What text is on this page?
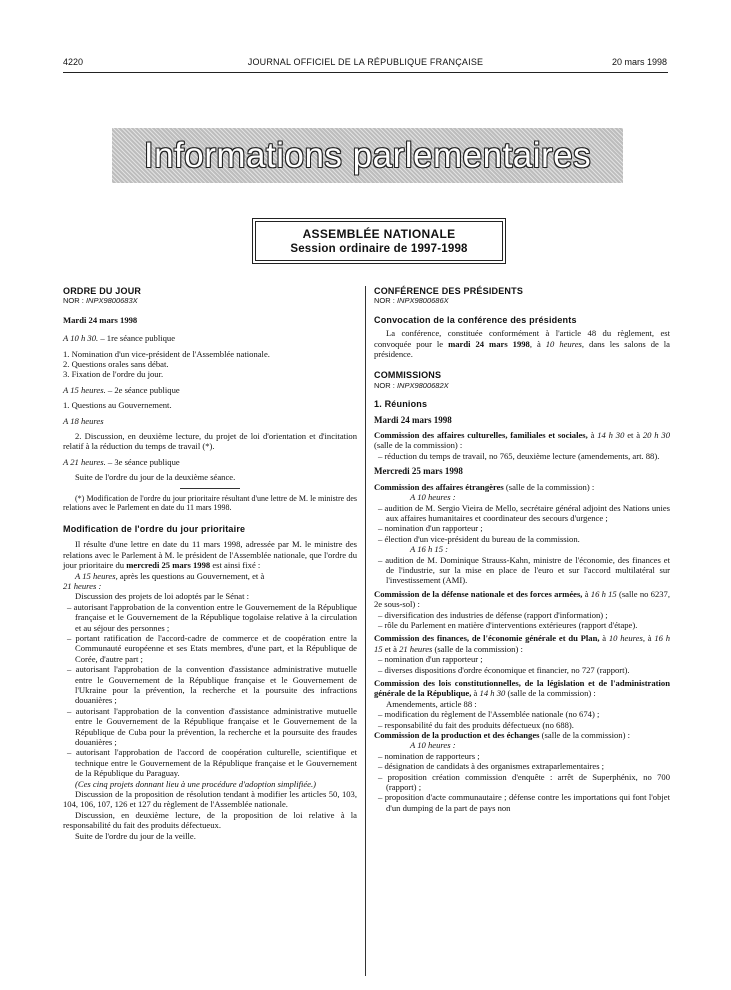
4220	JOURNAL OFFICIEL DE LA RÉPUBLIQUE FRANÇAISE	20 mars 1998
Informations parlementaires
ASSEMBLÉE NATIONALE
Session ordinaire de 1997-1998

ORDRE DU JOUR

NOR : INPX9800683X

Mardi 24 mars 1998

A 10 h 30. – 1re séance publique

1. Nomination d'un vice-président de l'Assemblée nationale.

2. Questions orales sans débat.

3. Fixation de l'ordre du jour.

A 15 heures. – 2e séance publique

1. Questions au Gouvernement.

A 18 heures

2. Discussion, en deuxième lecture, du projet de loi d'orientation et d'incitation relatif à la réduction du temps de travail (*).

A 21 heures. – 3e séance publique

Suite de l'ordre du jour de la deuxième séance.

(*) Modification de l'ordre du jour prioritaire résultant d'une lettre de M. le ministre des relations avec le Parlement en date du 11 mars 1998.

Modification de l'ordre du jour prioritaire

Il résulte d'une lettre en date du 11 mars 1998, adressée par M. le ministre des relations avec le Parlement à M. le président de l'Assemblée nationale, que l'ordre du jour prioritaire du mercredi 25 mars 1998 est ainsi fixé :

A 15 heures, après les questions au Gouvernement, et à

21 heures :

Discussion des projets de loi adoptés par le Sénat :

– autorisant l'approbation de la convention entre le Gouvernement de la République française et le Gouvernement de la République togolaise relative à la circulation et au séjour des personnes ;

– portant ratification de l'accord-cadre de commerce et de coopération entre la Communauté européenne et ses Etats membres, d'une part, et la République de Corée, d'autre part ;

– autorisant l'approbation de la convention d'assistance administrative mutuelle entre le Gouvernement de la République française et le Gouvernement de l'Ukraine pour la prévention, la recherche et la poursuite des infractions douanières ;

– autorisant l'approbation de la convention d'assistance administrative mutuelle entre le Gouvernement de la République française et le Gouvernement de la République de Cuba pour la prévention, la recherche et la poursuite des fraudes douanières ;

– autorisant l'approbation de l'accord de coopération culturelle, scientifique et technique entre le Gouvernement de la République française et le Gouvernement de la République du Paraguay.

(Ces cinq projets donnant lieu à une procédure d'adoption simplifiée.)

Discussion de la proposition de résolution tendant à modifier les articles 50, 103, 104, 106, 107, 126 et 127 du règlement de l'Assemblée nationale.

Discussion, en deuxième lecture, de la proposition de loi relative à la responsabilité du fait des produits défectueux.

Suite de l'ordre du jour de la veille.

CONFÉRENCE DES PRÉSIDENTS

NOR : INPX9800686X

Convocation de la conférence des présidents

La conférence, constituée conformément à l'article 48 du règlement, est convoquée pour le mardi 24 mars 1998, à 10 heures, dans les salons de la présidence.

COMMISSIONS

NOR : INPX9800682X

1. Réunions

Mardi 24 mars 1998

Commission des affaires culturelles, familiales et sociales, à 14 h 30 et à 20 h 30 (salle de la commission) :

– réduction du temps de travail, no 765, deuxième lecture (amendements, art. 88).

Mercredi 25 mars 1998

Commission des affaires étrangères (salle de la commission) :

A 10 heures :

– audition de M. Sergio Vieira de Mello, secrétaire général adjoint des Nations unies aux affaires humanitaires et coordinateur des secours d'urgence ;

– nomination d'un rapporteur ;

– élection d'un vice-président du bureau de la commission.

A 16 h 15 :

– audition de M. Dominique Strauss-Kahn, ministre de l'économie, des finances et de l'industrie, sur la mise en place de l'euro et sur l'accord multilatéral sur l'investissement (AMI).

Commission de la défense nationale et des forces armées, à 16 h 15 (salle no 6237, 2e sous-sol) :

– diversification des industries de défense (rapport d'information) ;

– rôle du Parlement en matière d'interventions extérieures (rapport d'étape).

Commission des finances, de l'économie générale et du Plan, à 10 heures, à 16 h 15 et à 21 heures (salle de la commission) :

– nomination d'un rapporteur ;

– diverses dispositions d'ordre économique et financier, no 727 (rapport).

Commission des lois constitutionnelles, de la législation et de l'administration générale de la République, à 14 h 30 (salle de la commission) :

Amendements, article 88 :

– modification du règlement de l'Assemblée nationale (no 674) ;

– responsabilité du fait des produits défectueux (no 688).

Commission de la production et des échanges (salle de la commission) :

A 10 heures :

– nomination de rapporteurs ;

– désignation de candidats à des organismes extraparlementaires ;

– proposition création commission d'enquête : arrêt de Superphénix, no 700 (rapport) ;

– proposition d'acte communautaire ; défense contre les importations qui font l'objet d'un dumping de la part de pays non
